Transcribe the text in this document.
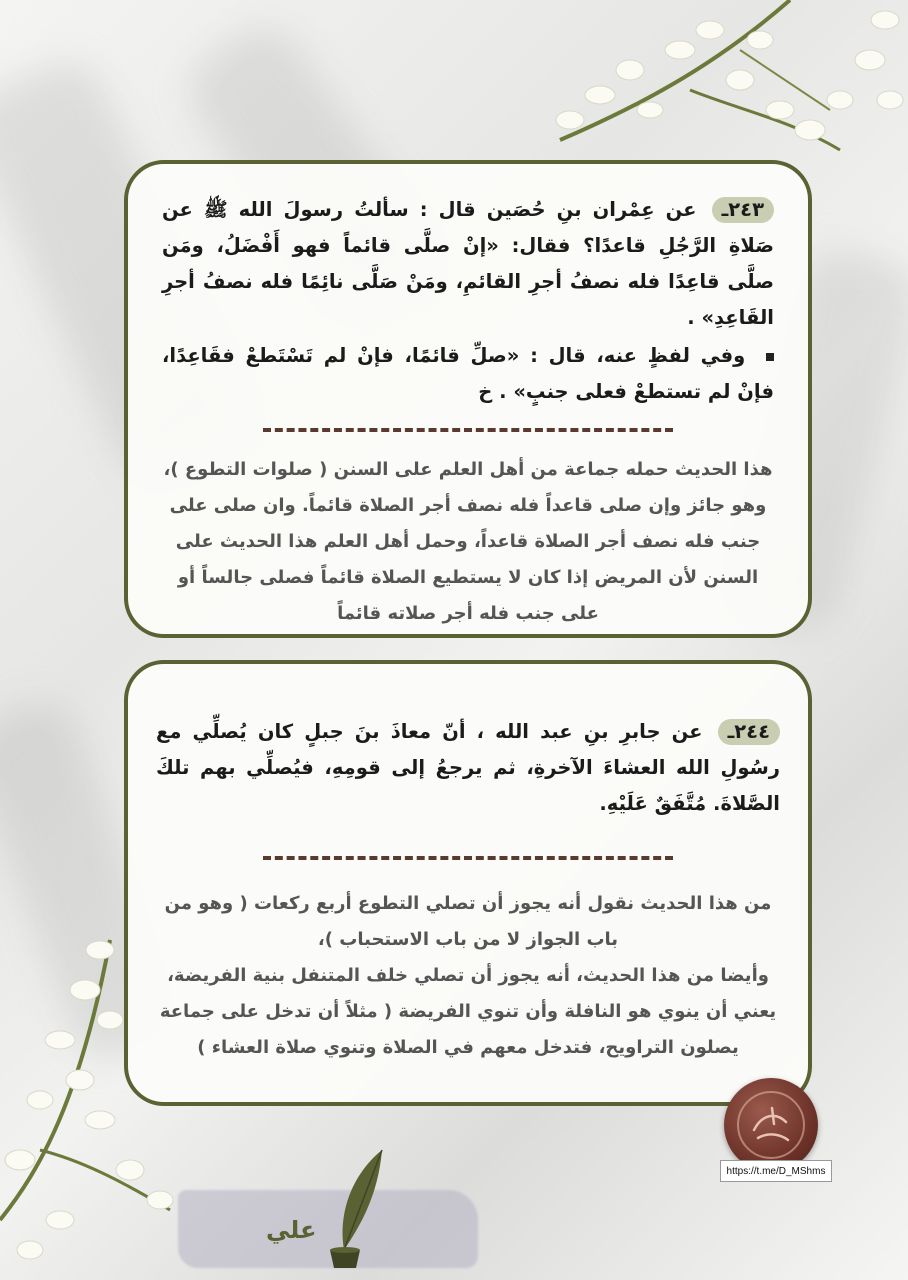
٢٤٣ـ عن عِمْران بنِ حُصَين قال : سألتُ رسولَ الله ﷺ عن صَلاةِ الرَّجُلِ قاعدًا؟ فقال: «إنْ صلَّى قائماً فهو أَفْضَلُ، ومَن صلَّى قاعِدًا فله نصفُ أجرِ القائمِ، ومَنْ صَلَّى نائِمًا فله نصفُ أجرِ القَاعِدِ» .
وفي لفظٍ عنه، قال : «صلِّ قائمًا، فإنْ لم تَسْتَطعْ فقَاعِدًا، فإنْ لم تستطعْ فعلى جنبٍ» . خ
هذا الحديث حمله جماعة من أهل العلم على السنن ( صلوات التطوع )، وهو جائز وإن صلى قاعداً فله نصف أجر الصلاة قائماً. وان صلى على جنب فله نصف أجر الصلاة قاعداً، وحمل أهل العلم هذا الحديث على السنن لأن المريض إذا كان لا يستطيع الصلاة قائماً فصلى جالساً أو على جنب فله أجر صلاته قائماً
٢٤٤ـ عن جابرِ بنِ عبد الله ، أنّ معاذَ بنَ جبلٍ كان يُصلِّي مع رسُولِ الله العشاءَ الآخرةِ، ثم يرجعُ إلى قومِهِ، فيُصلِّي بهم تلكَ الصَّلاةَ. مُتَّفَقٌ عَلَيْهِ.

من هذا الحديث نقول أنه يجوز أن تصلي التطوع أربع ركعات ( وهو من باب الجواز لا من باب الاستحباب )،

وأيضا من هذا الحديث، أنه يجوز أن تصلي خلف المتنفل بنية الفريضة، يعني أن ينوي هو النافلة وأن تنوي الفريضة ( مثلاً أن تدخل على جماعة يصلون التراويح، فتدخل معهم في الصلاة وتنوي صلاة العشاء )

https://t.me/D_MShms
علي
